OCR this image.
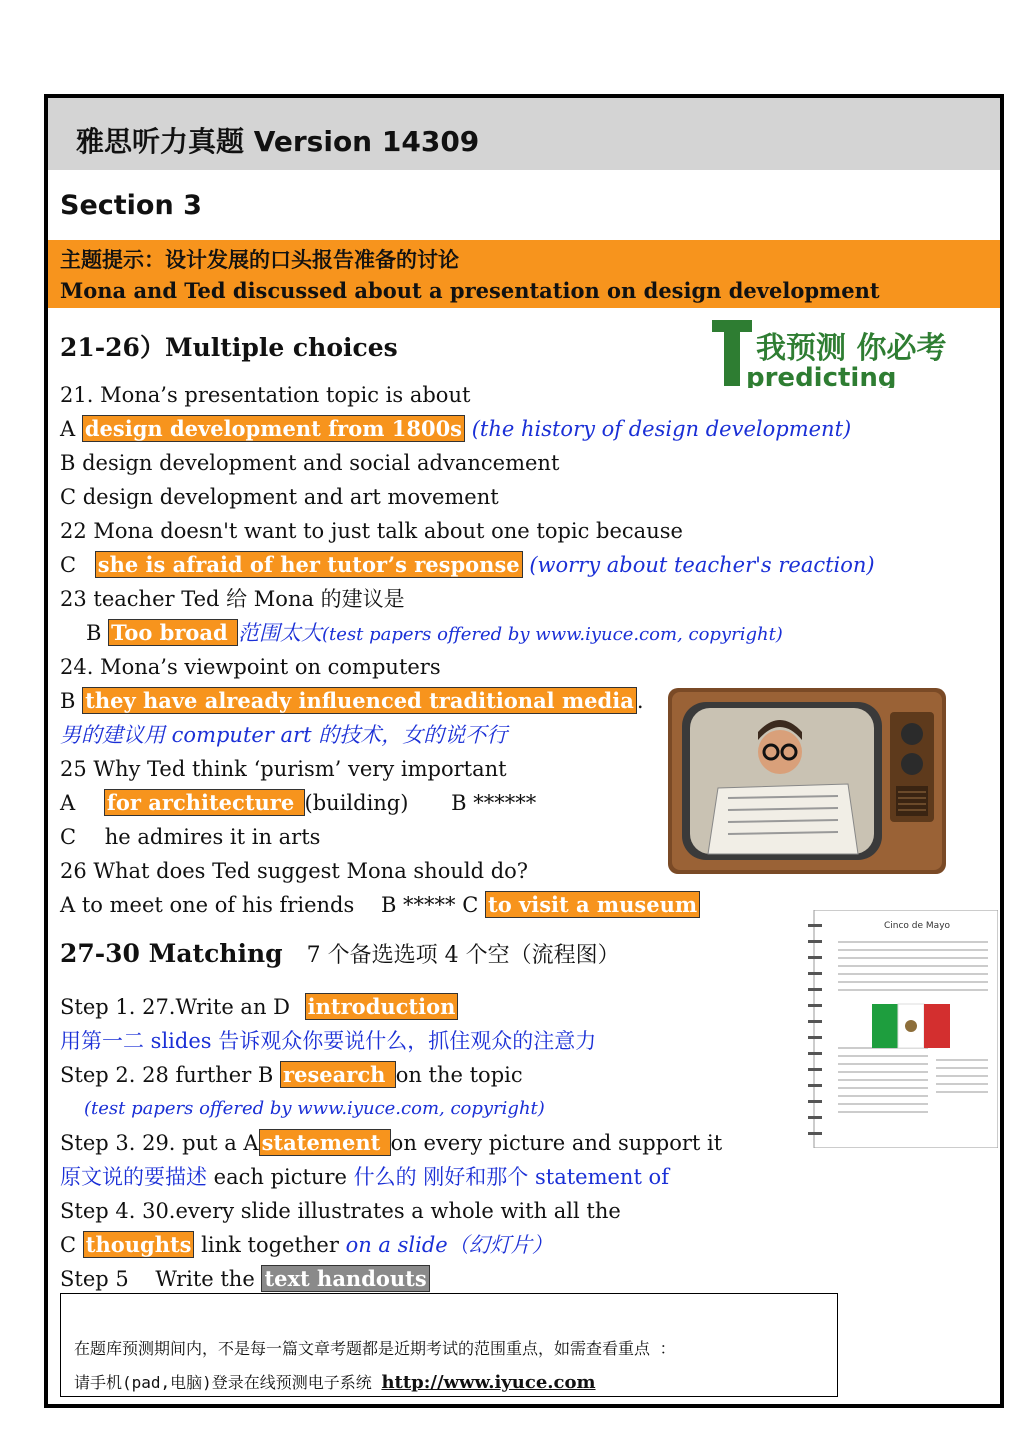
雅思听力真题 Version 14309
Section 3
主题提示：设计发展的口头报告准备的讨论
Mona and Ted discussed about a presentation on design development
我预测 你必考
predicting
21-26）Multiple choices
21. Mona’s presentation topic is about
A design development from 1800s (the history of design development)
B design development and social advancement
C design development and art movement
22 Mona doesn't want to just talk about one topic because
C she is afraid of her tutor’s response (worry about teacher's reaction)
23 teacher Ted 给 Mona 的建议是
B Too broad 范围太大(test papers offered by www.iyuce.com, copyright)
24. Mona’s viewpoint on computers
B they have already influenced traditional media .
男的建议用 computer art 的技术，女的说不行
25 Why Ted think ‘purism’ very important
A for architecture (building) B ******
C he admires it in arts
26 What does Ted suggest Mona should do?
A to meet one of his friends B ***** C to visit a museum
27-30 Matching 7 个备选选项 4 个空（流程图）
Step 1. 27.Write an D introduction
用第一二 slides 告诉观众你要说什么，抓住观众的注意力
Step 2. 28 further B research on the topic
(test papers offered by www.iyuce.com, copyright)
Step 3. 29. put a A statement on every picture and support it
原文说的要描述 each picture 什么的 刚好和那个 statement of
Step 4. 30.every slide illustrates a whole with all the
C thoughts link together on a slide（幻灯片）
Step 5    Write the text handouts
Cinco de Mayo
在题库预测期间内，不是每一篇文章考题都是近期考试的范围重点，如需查看重点 ：
请手机(pad,电脑)登录在线预测电子系统 http://www.iyuce.com
